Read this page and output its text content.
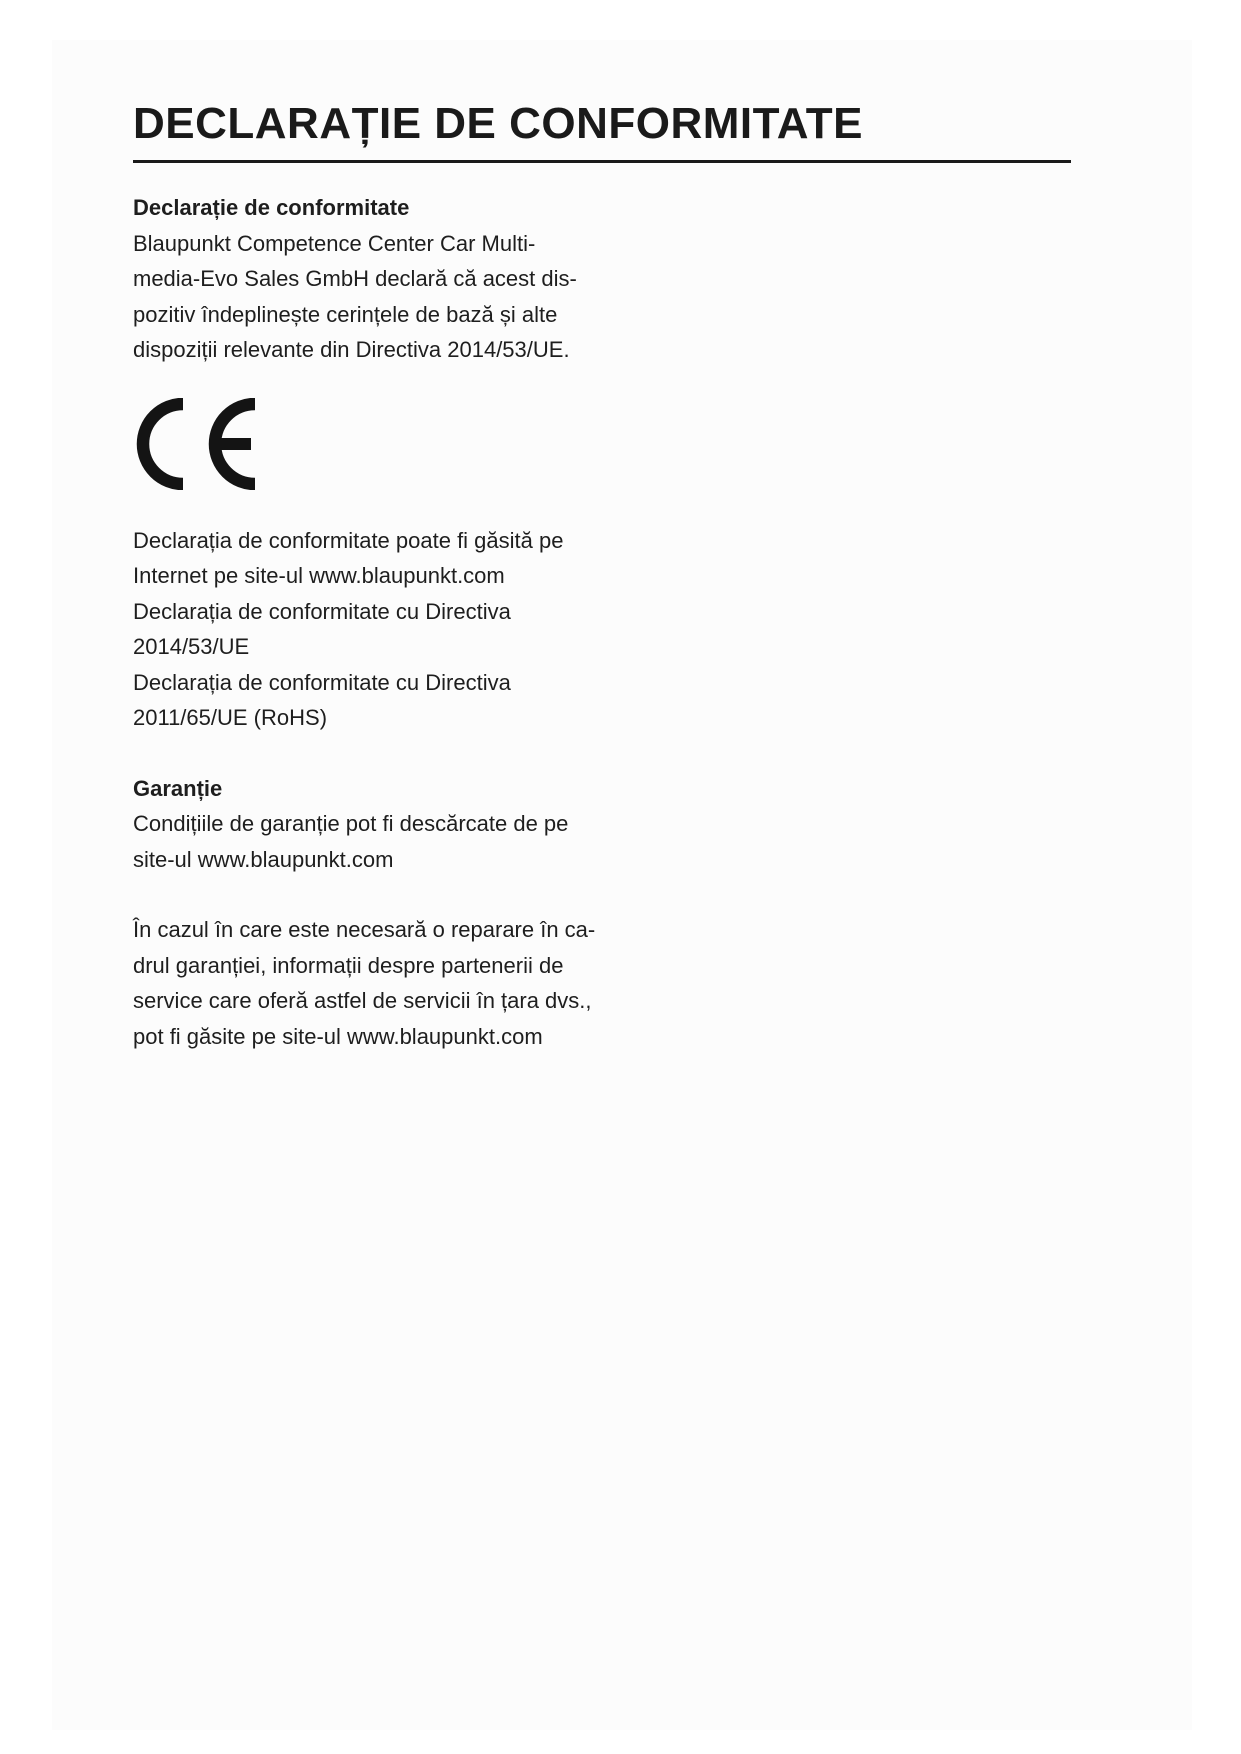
DECLARAȚIE DE CONFORMITATE

Declarație de conformitate

Blaupunkt Competence Center Car Multi-
media-Evo Sales GmbH declară că acest dis-
pozitiv îndeplinește cerințele de bază și alte
dispoziții relevante din Directiva 2014/53/UE.

Declarația de conformitate poate fi găsită pe
Internet pe site-ul www.blaupunkt.com
Declarația de conformitate cu Directiva
2014/53/UE
Declarația de conformitate cu Directiva
2011/65/UE (RoHS)

Garanție

Condițiile de garanție pot fi descărcate de pe
site-ul www.blaupunkt.com

În cazul în care este necesară o reparare în ca-
drul garanției, informații despre partenerii de
service care oferă astfel de servicii în țara dvs.,
pot fi găsite pe site-ul www.blaupunkt.com
